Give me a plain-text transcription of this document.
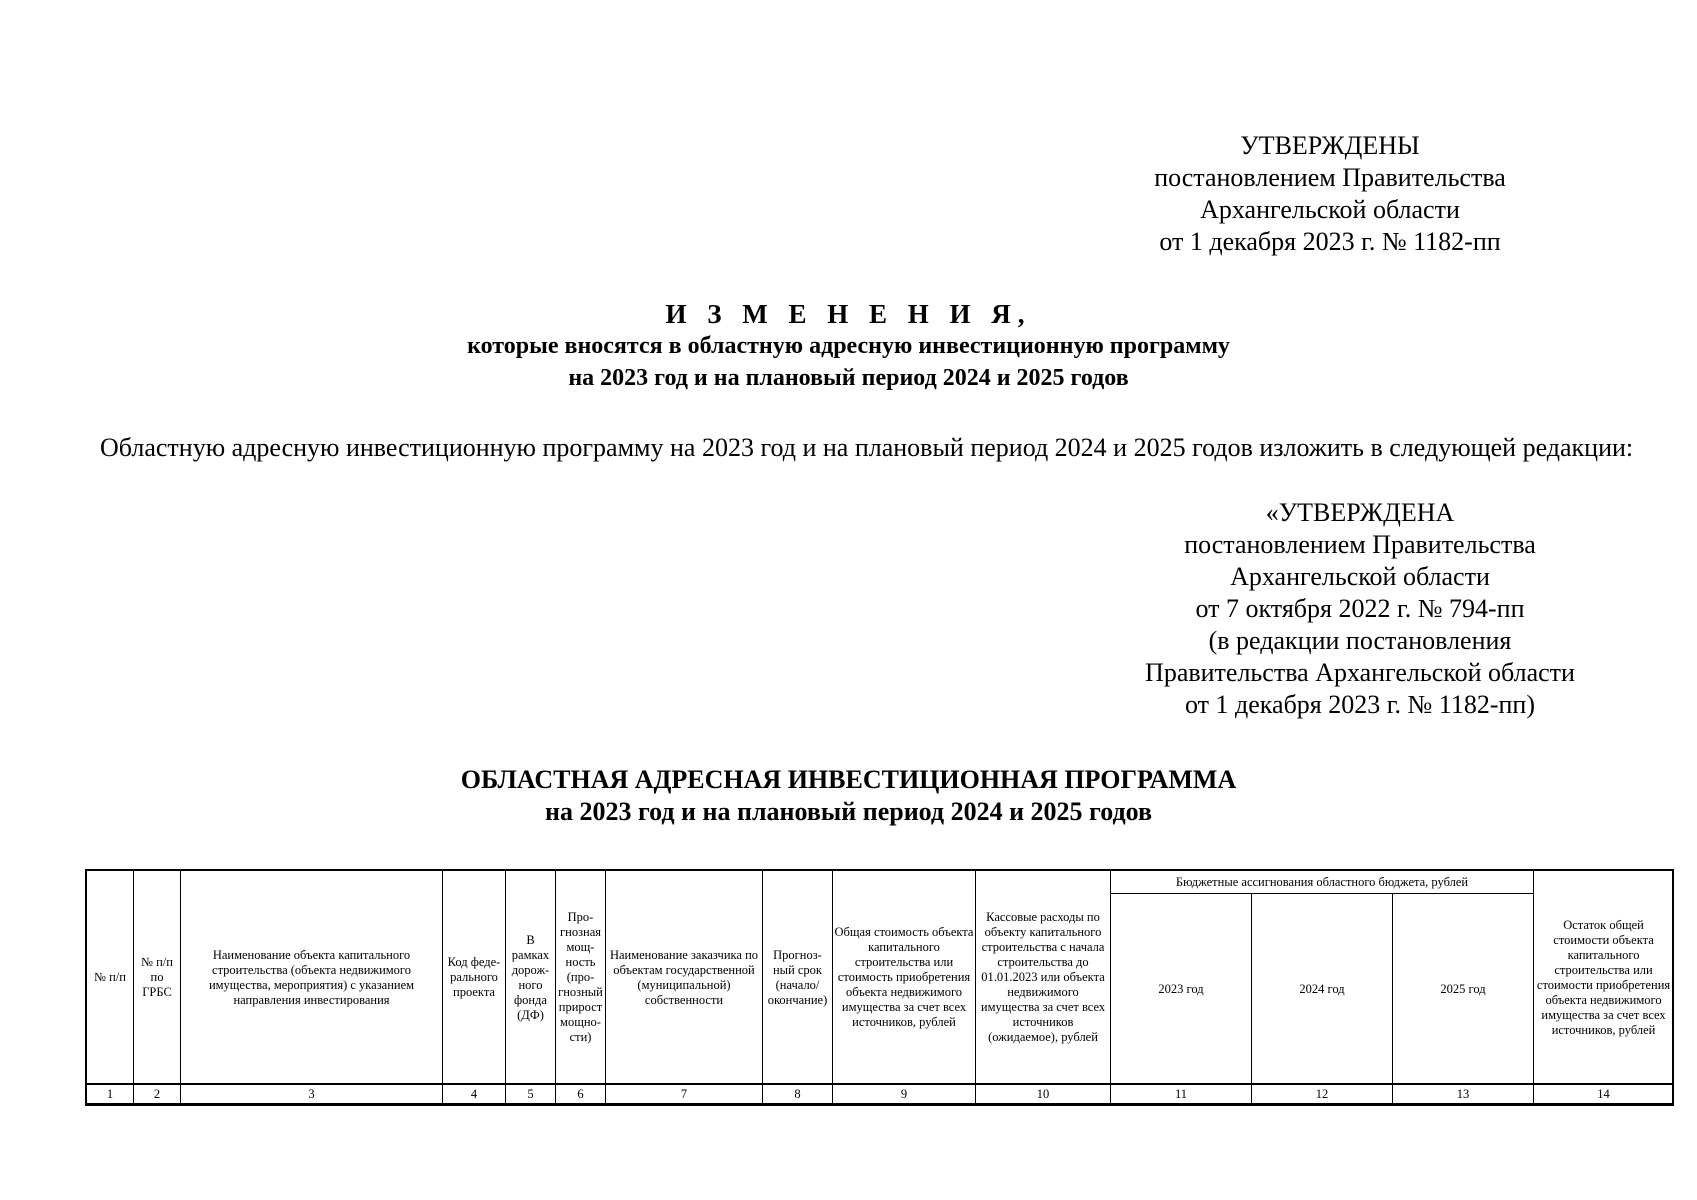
УТВЕРЖДЕНЫ
постановлением Правительства
Архангельской области
от 1 декабря 2023 г. № 1182-пп
И З М Е Н Е Н И Я,
которые вносятся в областную адресную инвестиционную программу
на 2023 год и на плановый период 2024 и 2025 годов
Областную адресную инвестиционную программу на 2023 год и на плановый период 2024 и 2025 годов изложить в следующей редакции:
«УТВЕРЖДЕНА
постановлением Правительства
Архангельской области
от 7 октября 2022 г. № 794-пп
(в редакции постановления
Правительства Архангельской области
от 1 декабря 2023 г. № 1182-пп)
ОБЛАСТНАЯ АДРЕСНАЯ ИНВЕСТИЦИОННАЯ ПРОГРАММА
на 2023 год и на плановый период 2024 и 2025 годов
№ п/п	№ п/п по ГРБС	Наименование объекта капитального строительства (объекта недвижимого имущества, мероприятия) с указанием направления инвестирования	Код феде-рального проекта	В рамках дорож-ного фонда (ДФ)	Про-гнозная мощ-ность (про-гнозный прирост мощно-сти)	Наименование заказчика по объектам государственной (муниципальной) собственности	Прогноз-ный срок (начало/ окончание)	Общая стоимость объекта капитального строительства или стоимость приобретения объекта недвижимого имущества за счет всех источников, рублей	Кассовые расходы по объекту капитального строительства с начала строительства до 01.01.2023 или объекта недвижимого имущества за счет всех источников (ожидаемое), рублей	Бюджетные ассигнования областного бюджета, рублей			Остаток общей стоимости объекта капитального строительства или стоимости приобретения объекта недвижимого имущества за счет всех источников, рублей
										2023 год	2024 год	2025 год	
1	2	3	4	5	6	7	8	9	10	11	12	13	14
